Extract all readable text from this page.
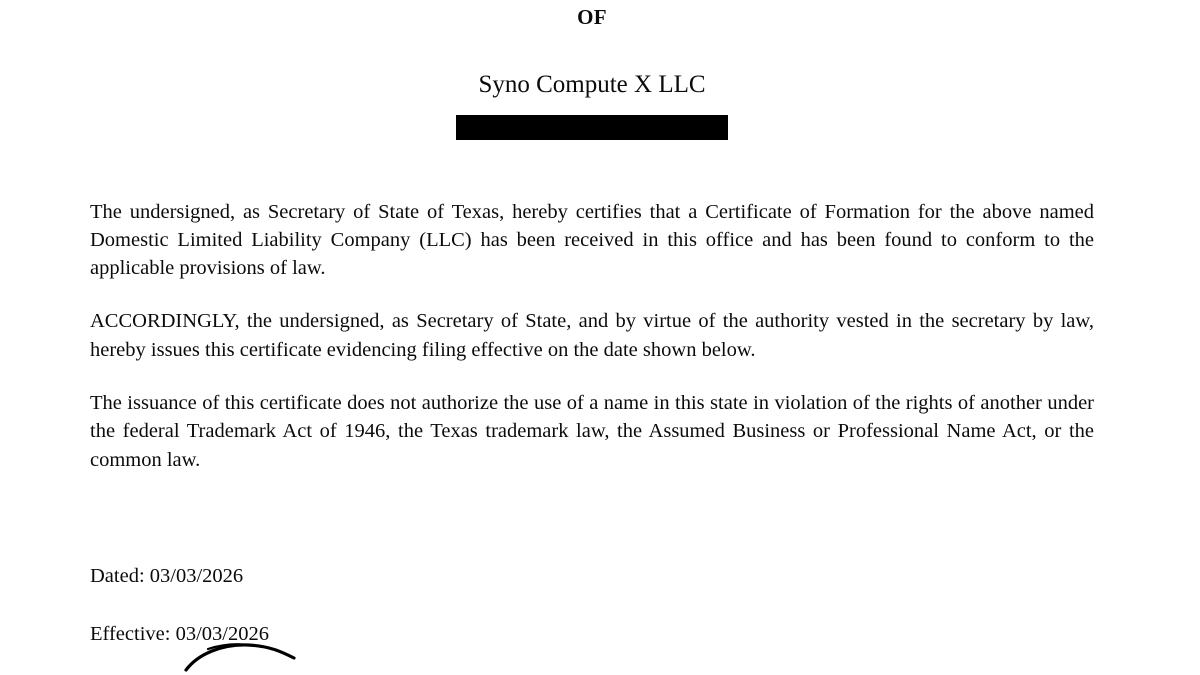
OF
Syno Compute X LLC

The undersigned, as Secretary of State of Texas, hereby certifies that a Certificate of Formation for the above named Domestic Limited Liability Company (LLC) has been received in this office and has been found to conform to the applicable provisions of law.

ACCORDINGLY, the undersigned, as Secretary of State, and by virtue of the authority vested in the secretary by law, hereby issues this certificate evidencing filing effective on the date shown below.

The issuance of this certificate does not authorize the use of a name in this state in violation of the rights of another under the federal Trademark Act of 1946, the Texas trademark law, the Assumed Business or Professional Name Act, or the common law.

Dated: 03/03/2026
Effective: 03/03/2026
